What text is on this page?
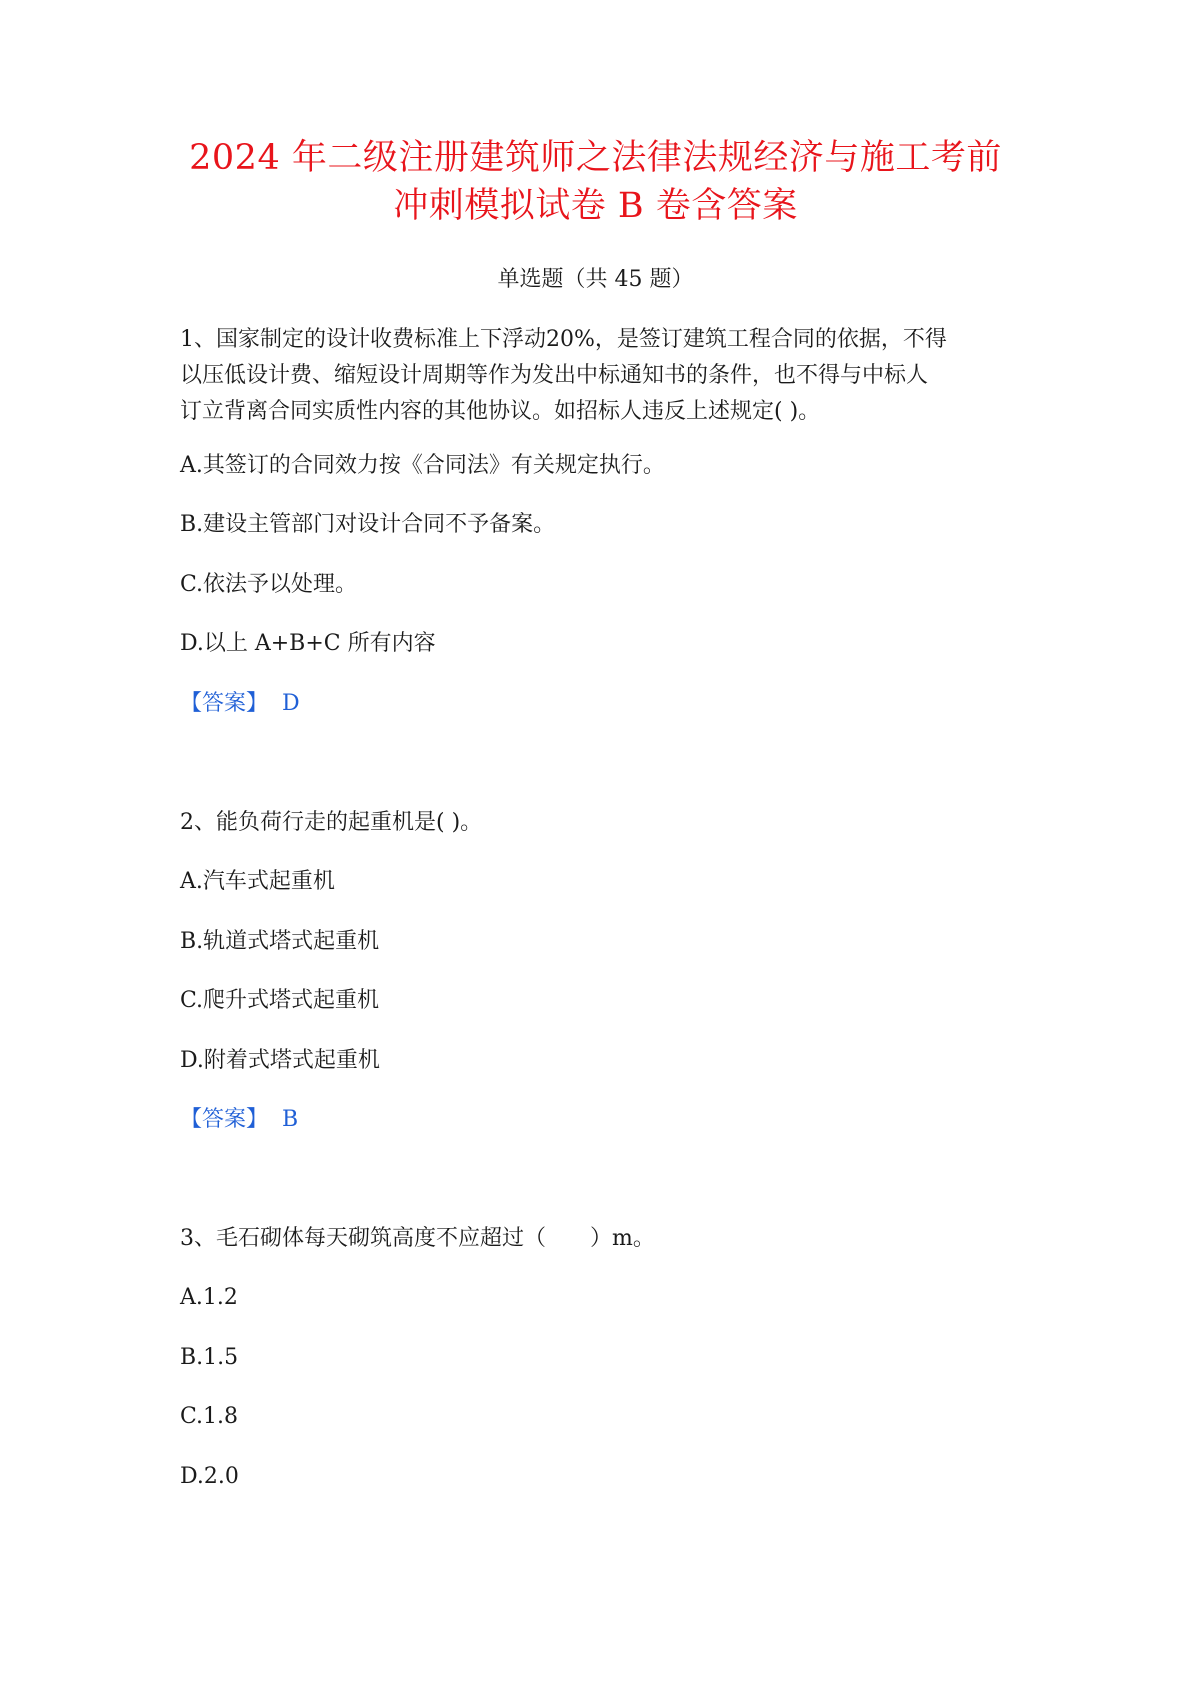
2024 年二级注册建筑师之法律法规经济与施工考前
冲刺模拟试卷 B 卷含答案
单选题（共 45 题）
1、国家制定的设计收费标准上下浮动20%，是签订建筑工程合同的依据，不得
以压低设计费、缩短设计周期等作为发出中标通知书的条件，也不得与中标人
订立背离合同实质性内容的其他协议。如招标人违反上述规定( )。
A.其签订的合同效力按《合同法》有关规定执行。
B.建设主管部门对设计合同不予备案。
C.依法予以处理。
D.以上 A+B+C 所有内容
【答案】 D
2、能负荷行走的起重机是( )。
A.汽车式起重机
B.轨道式塔式起重机
C.爬升式塔式起重机
D.附着式塔式起重机
【答案】 B
3、毛石砌体每天砌筑高度不应超过（　　）m。
A.1.2
B.1.5
C.1.8
D.2.0
